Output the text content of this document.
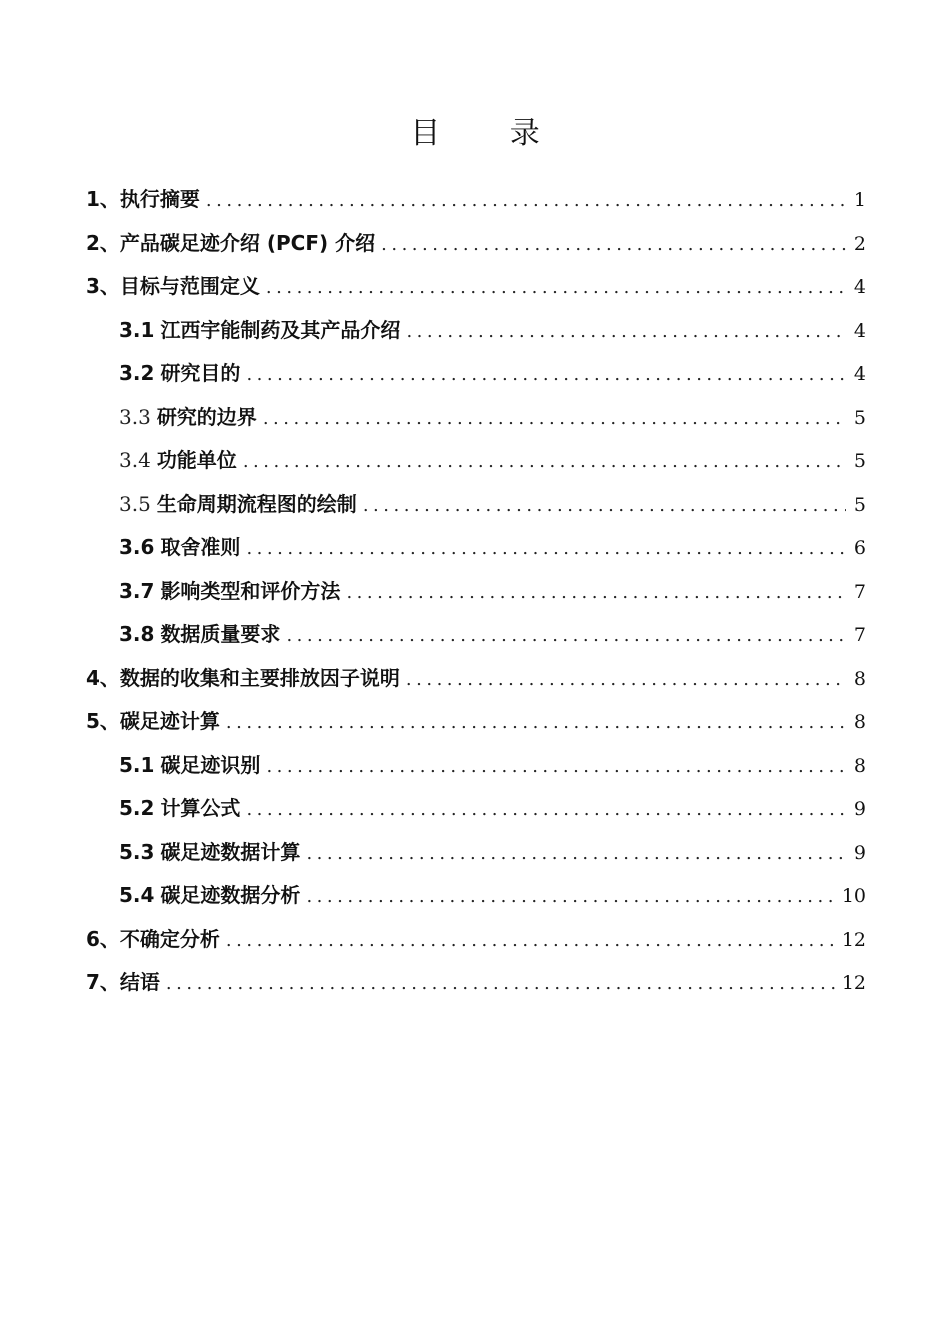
目 录
1、执行摘要 .....	1
2、产品碳足迹介绍 (PCF) 介绍 .....	2
3、目标与范围定义 .....	4
3.1 江西宇能制药及其产品介绍 .....	4
3.2 研究目的 .....	4
3.3 研究的边界 .....	5
3.4 功能单位 .....	5
3.5 生命周期流程图的绘制 .....	5
3.6 取舍准则 .....	6
3.7 影响类型和评价方法 .....	7
3.8 数据质量要求 .....	7
4、数据的收集和主要排放因子说明 .....	8
5、碳足迹计算 .....	8
5.1 碳足迹识别 .....	8
5.2 计算公式 .....	9
5.3 碳足迹数据计算 .....	9
5.4 碳足迹数据分析 .....	10
6、不确定分析 .....	12
7、结语 .....	12
